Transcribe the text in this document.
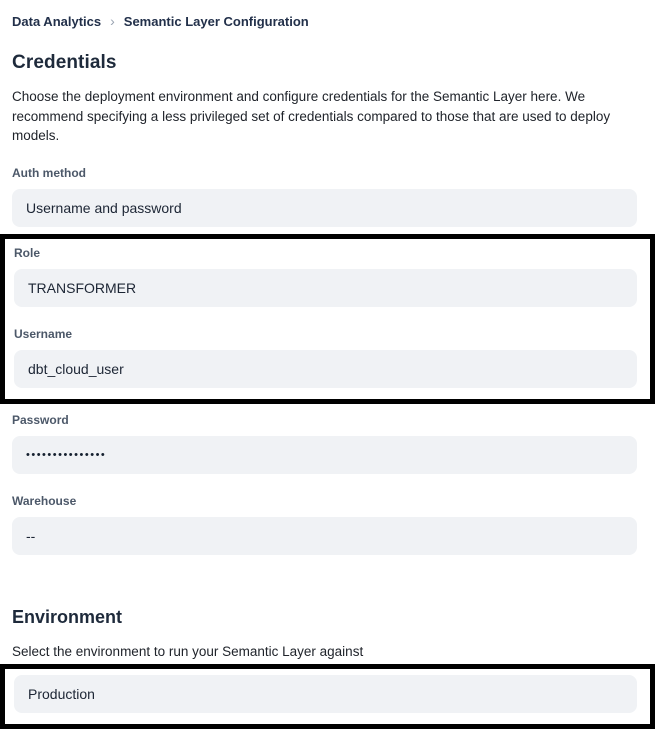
Data Analytics › Semantic Layer Configuration
Credentials

Choose the deployment environment and configure credentials for the Semantic Layer here. We recommend specifying a less privileged set of credentials compared to those that are used to deploy models.

Auth method
Username and password
Role
TRANSFORMER
Username
dbt_cloud_user
Password
•••••••••••••••
Warehouse
--
Environment

Select the environment to run your Semantic Layer against

Production
